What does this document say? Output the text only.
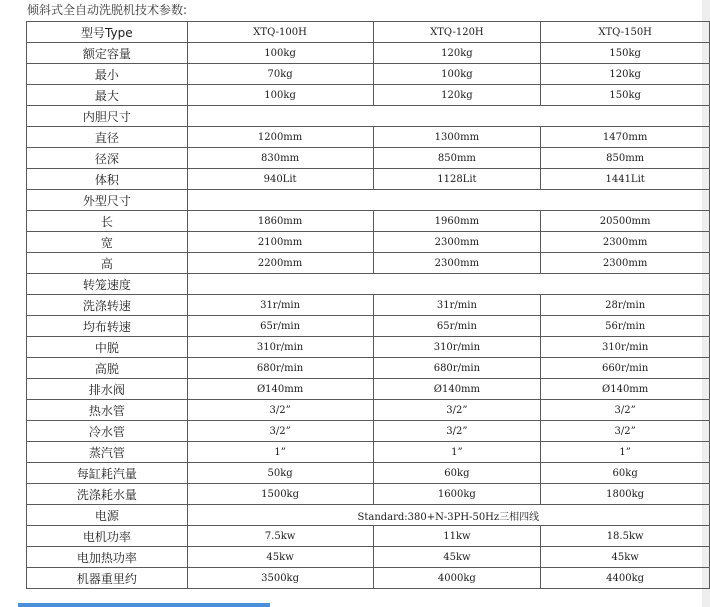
倾斜式全自动洗脱机技术参数:
型号Type	XTQ-100H	XTQ-120H	XTQ-150H
额定容量	100kg	120kg	150kg
最小	70kg	100kg	120kg
最大	100kg	120kg	150kg
内胆尺寸			
直径	1200mm	1300mm	1470mm
径深	830mm	850mm	850mm
体积	940Lit	1128Lit	1441Lit
外型尺寸			
长	1860mm	1960mm	20500mm
宽	2100mm	2300mm	2300mm
高	2200mm	2300mm	2300mm
转笼速度			
洗涤转速	31r/min	31r/min	28r/min
均布转速	65r/min	65r/min	56r/min
中脱	310r/min	310r/min	310r/min
高脱	680r/min	680r/min	660r/min
排水阀	Ø140mm	Ø140mm	Ø140mm
热水管	3/2”	3/2”	3/2”
冷水管	3/2”	3/2”	3/2”
蒸汽管	1”	1”	1”
每缸耗汽量	50kg	60kg	60kg
洗涤耗水量	1500kg	1600kg	1800kg
电源	Standard:380+N-3PH-50Hz三相四线		
电机功率	7.5kw	11kw	18.5kw
电加热功率	45kw	45kw	45kw
机器重里约	3500kg	4000kg	4400kg
